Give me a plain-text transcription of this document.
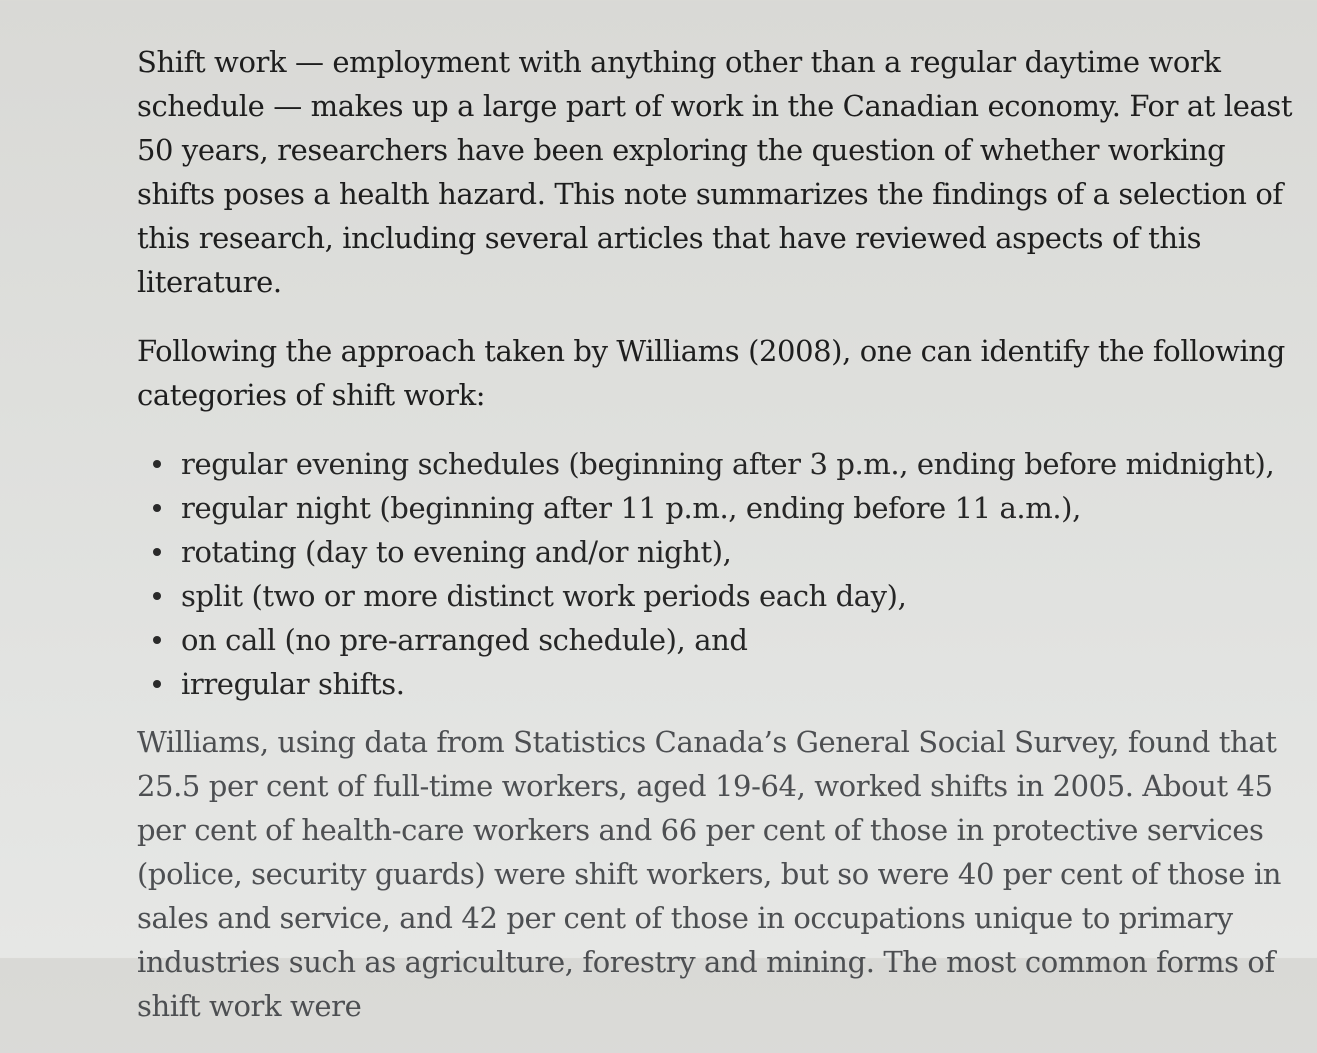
Shift work — employment with anything other than a regular daytime work schedule — makes up a large part of work in the Canadian economy. For at least 50 years, researchers have been exploring the question of whether working shifts poses a health hazard. This note summarizes the findings of a selection of this research, including several articles that have reviewed aspects of this literature.

Following the approach taken by Williams (2008), one can identify the following categories of shift work:

regular evening schedules (beginning after 3 p.m., ending before midnight),
regular night (beginning after 11 p.m., ending before 11 a.m.),
rotating (day to evening and/or night),
split (two or more distinct work periods each day),
on call (no pre-arranged schedule), and
irregular shifts.

Williams, using data from Statistics Canada’s General Social Survey, found that 25.5 per cent of full-time workers, aged 19-64, worked shifts in 2005. About 45 per cent of health-care workers and 66 per cent of those in protective services (police, security guards) were shift workers, but so were 40 per cent of those in sales and service, and 42 per cent of those in occupations unique to primary industries such as agriculture, forestry and mining. The most common forms of shift work were
